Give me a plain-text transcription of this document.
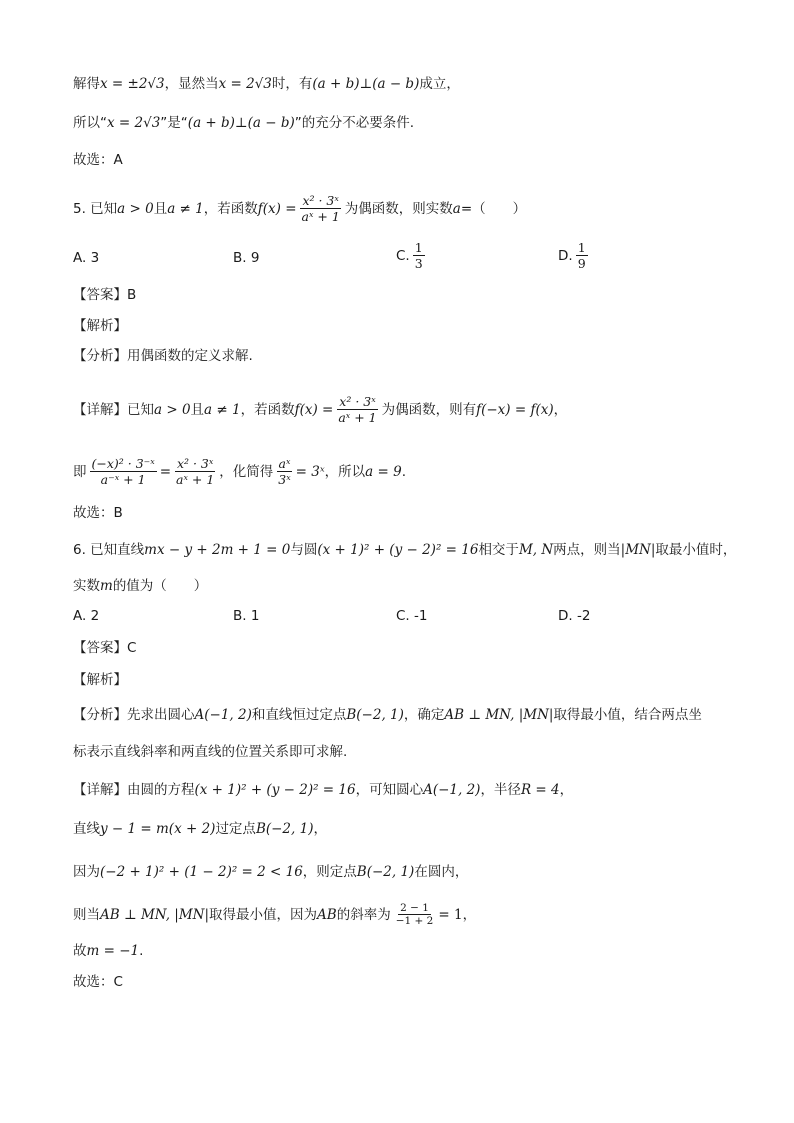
解得 x = ±2√3 ，显然当 x = 2√3 时，有 (a + b)⊥(a − b) 成立，
所以“ x = 2√3 ”是“ (a + b)⊥(a − b) ”的充分不必要条件.
故选：A
5. 已知 a > 0 且 a ≠ 1 ，若函数 $f(x) = \frac{\text{x² · 3ˣ}}{\text{aˣ + 1}}$ 为偶函数，则实数 a =（　　）
A. 3	B. 9	C. $\frac{1}{3}$	D. $\frac{1}{9}$
【答案】B
【解析】
【分析】用偶函数的定义求解.
【详解】已知 a > 0 且 a ≠ 1 ，若函数 $f(x) = \frac{\text{x² · 3ˣ}}{\text{aˣ + 1}}$ 为偶函数，则有 f(−x) = f(x) ，
即 $\frac{\text{(−x)² · 3⁻ˣ}}{\text{a⁻ˣ + 1}} = \frac{\text{x² · 3ˣ}}{\text{aˣ + 1}}$ ，化简得 $\frac{\text{aˣ}}{\text{3ˣ}}$ = 3ˣ ，所以 a = 9 .
故选：B
6. 已知直线 mx − y + 2m + 1 = 0 与圆 (x + 1)² + (y − 2)² = 16 相交于 M, N 两点，则当 |MN| 取最小值时，
实数 m 的值为（　　）
A. 2	B. 1	C. -1	D. -2
【答案】C
【解析】
【分析】先求出圆心 A(−1, 2) 和直线恒过定点 B(−2, 1) ，确定 AB ⊥ MN, |MN| 取得最小值，结合两点坐
标表示直线斜率和两直线的位置关系即可求解.
【详解】由圆的方程 (x + 1)² + (y − 2)² = 16 ，可知圆心 A(−1, 2) ，半径 R = 4 ，
直线 y − 1 = m(x + 2) 过定点 B(−2, 1) ，
因为 (−2 + 1)² + (1 − 2)² = 2 < 16 ，则定点 B(−2, 1) 在圆内，
则当 AB ⊥ MN, |MN| 取得最小值，因为 AB 的斜率为 $\frac{2 - 1}{-1 + 2} = 1$ ，
故 m = −1 .
故选：C
